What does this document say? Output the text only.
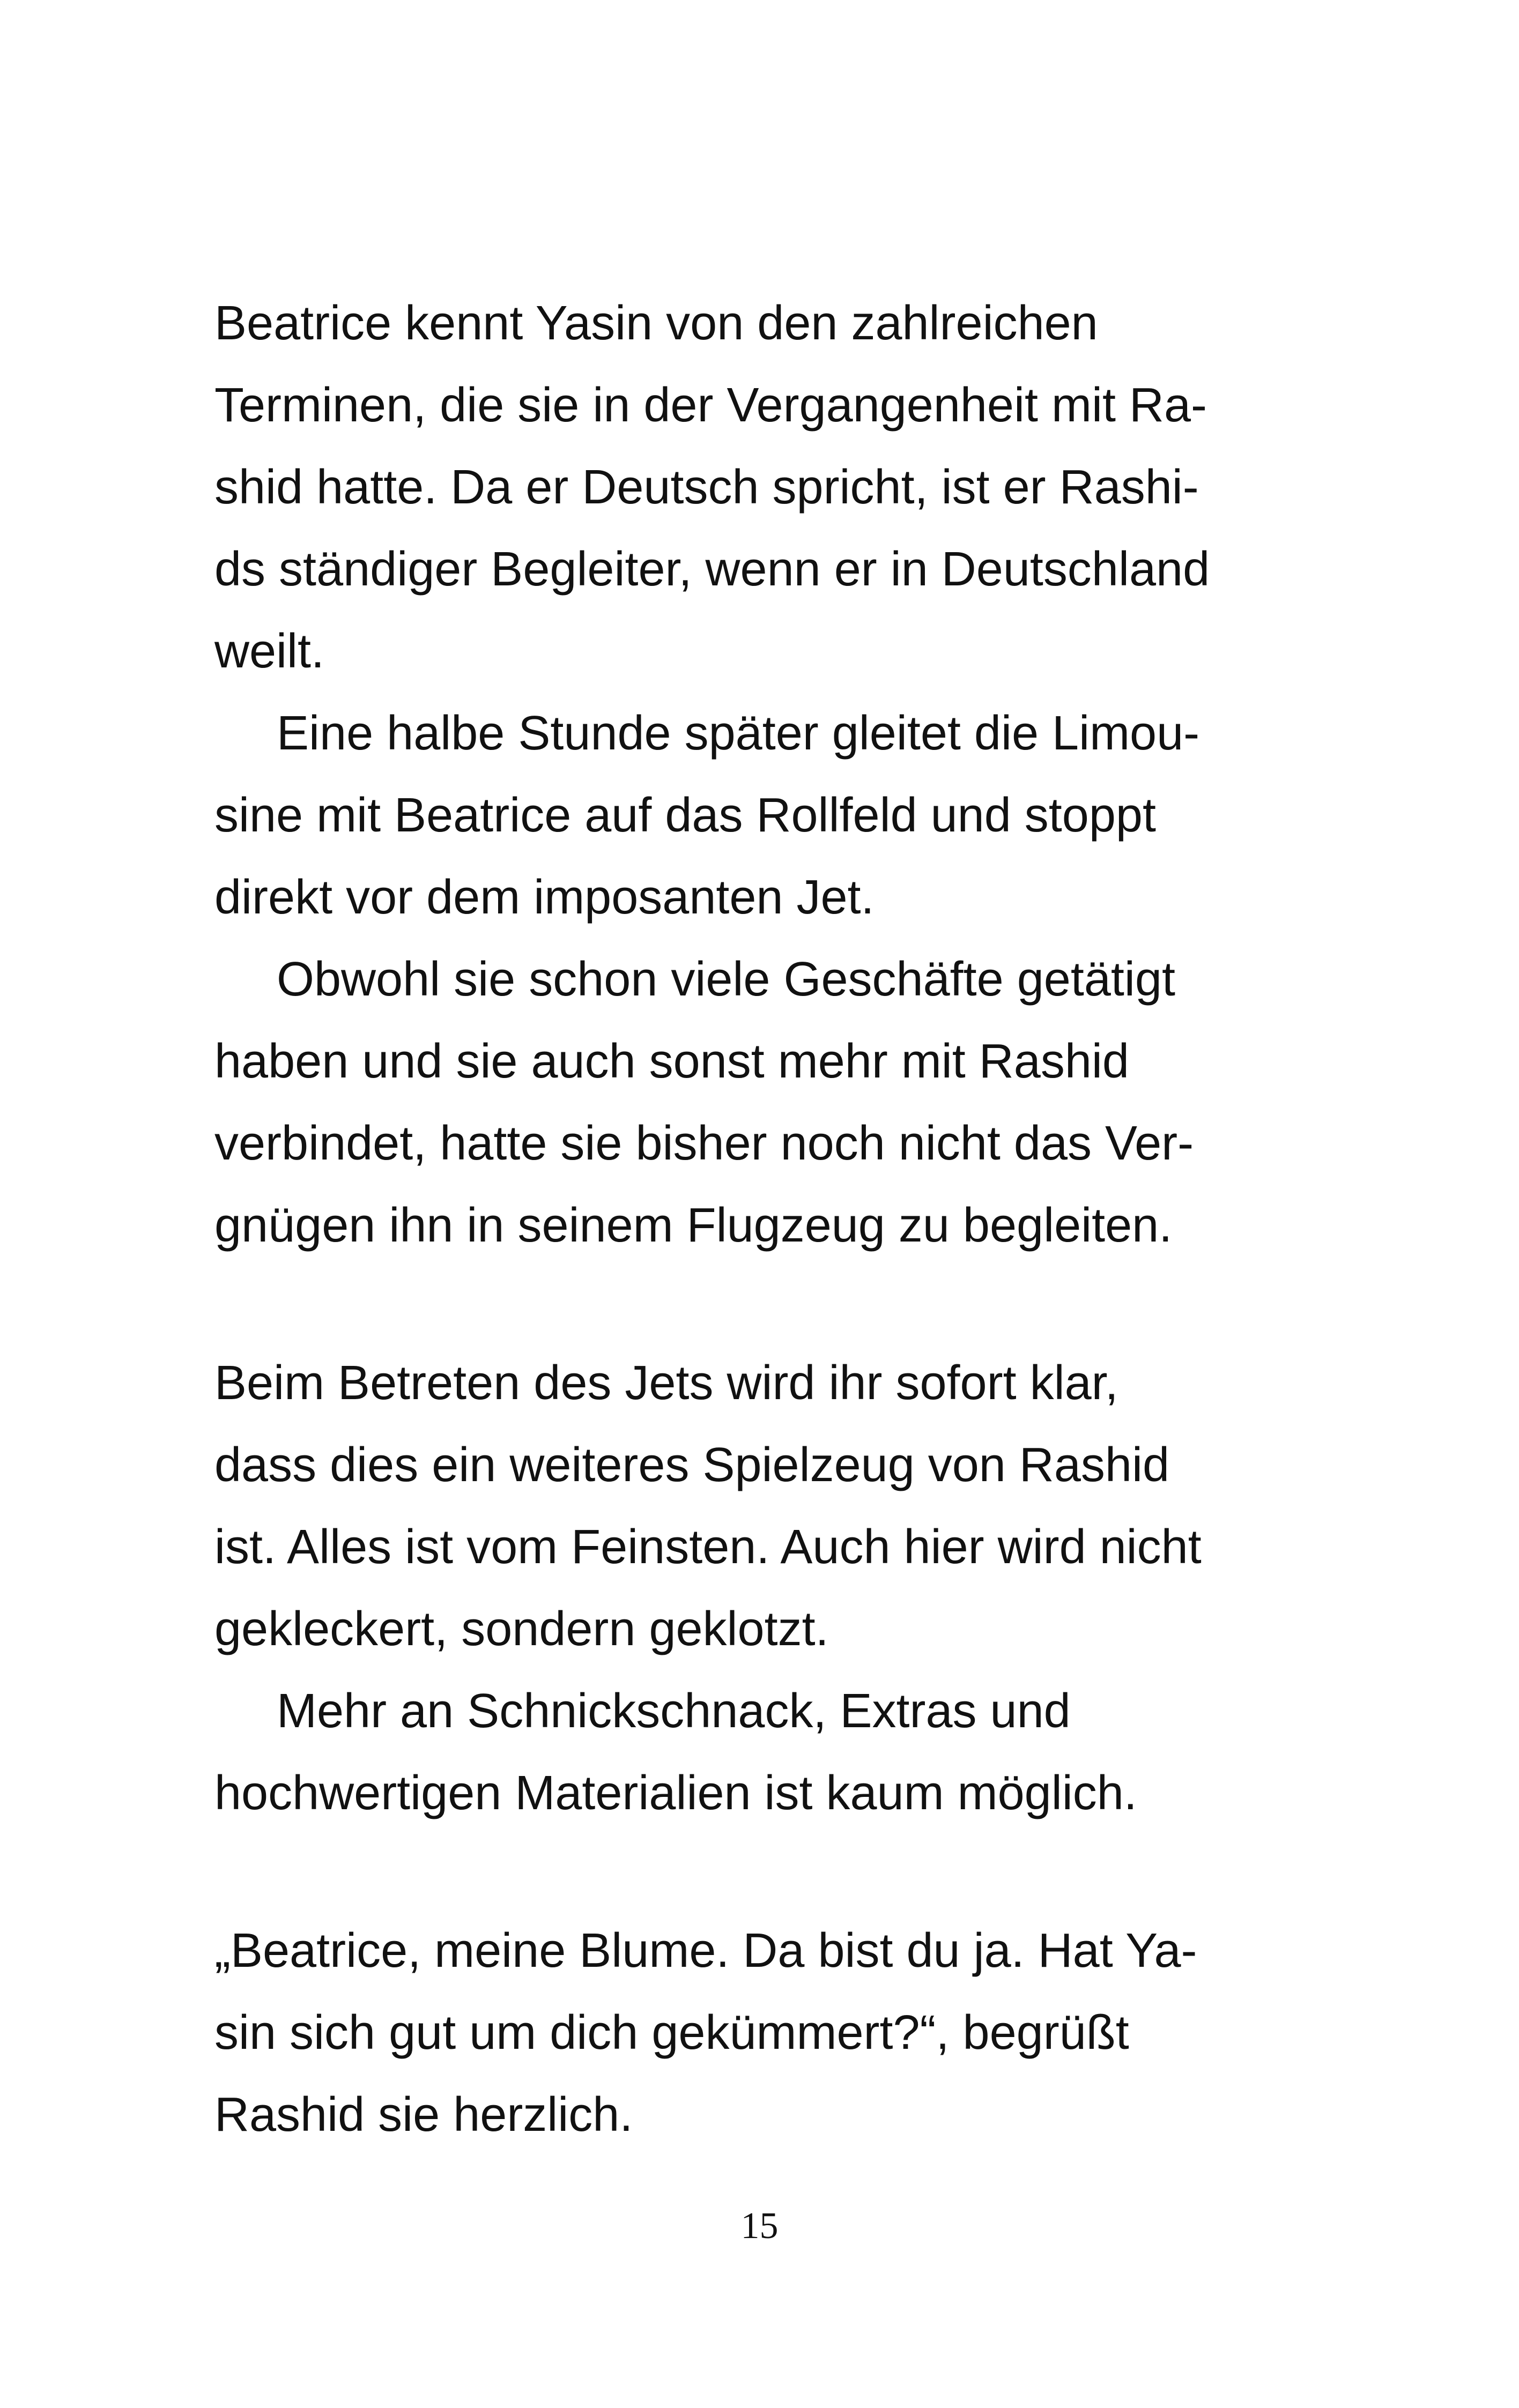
Beatrice kennt Yasin von den zahlreichen
Terminen, die sie in der Vergangenheit mit Ra-
shid hatte. Da er Deutsch spricht, ist er Rashi-
ds ständiger Begleiter, wenn er in Deutschland
weilt.
Eine halbe Stunde später gleitet die Limou-
sine mit Beatrice auf das Rollfeld und stoppt
direkt vor dem imposanten Jet.
Obwohl sie schon viele Geschäfte getätigt
haben und sie auch sonst mehr mit Rashid
verbindet, hatte sie bisher noch nicht das Ver-
gnügen ihn in seinem Flugzeug zu begleiten.
Beim Betreten des Jets wird ihr sofort klar,
dass dies ein weiteres Spielzeug von Rashid
ist. Alles ist vom Feinsten. Auch hier wird nicht
gekleckert, sondern geklotzt.
Mehr an Schnickschnack, Extras und
hochwertigen Materialien ist kaum möglich.
„Beatrice, meine Blume. Da bist du ja. Hat Ya-
sin sich gut um dich gekümmert?“, begrüßt
Rashid sie herzlich.
15
